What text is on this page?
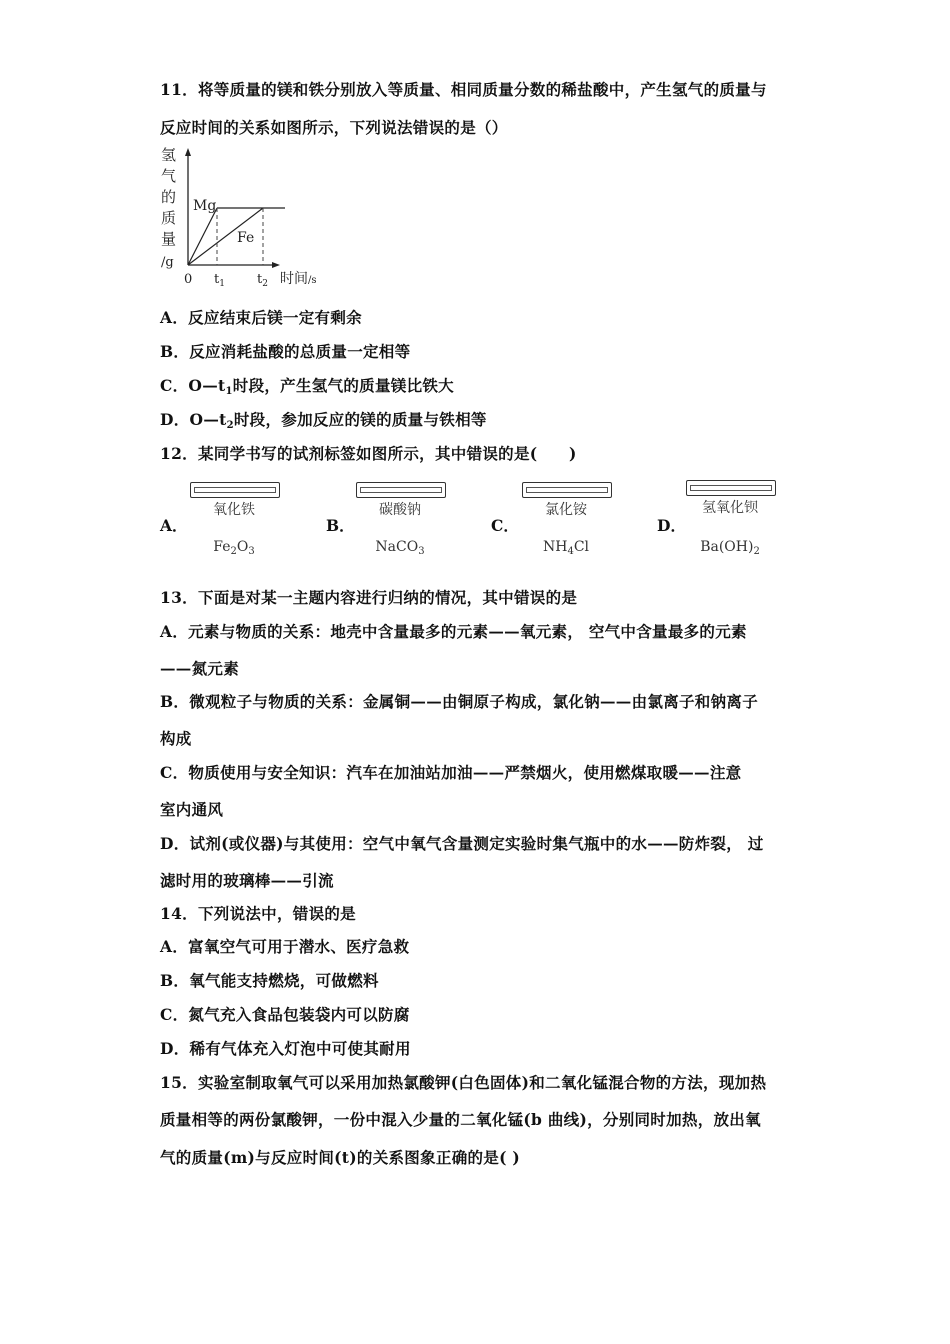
11．将等质量的镁和铁分别放入等质量、相同质量分数的稀盐酸中，产生氢气的质量与
反应时间的关系如图所示，下列说法错误的是（）
氢
气
的
质
量
/g
Mg
Fe
0 $t_1$ $t_2$ 时间/s
A．反应结束后镁一定有剩余
B．反应消耗盐酸的总质量一定相等
C．$O—t_1$时段，产生氢气的质量镁比铁大
D．$O—t_2$时段，参加反应的镁的质量与铁相等
12．某同学书写的试剂标签如图所示，其中错误的是(　　)
A．
氧化铁
$Fe_2O_3$
B．
碳酸钠
NaCO$_3$
C．
氯化铵
$NH_4Cl$
D．
氢氧化钡
$Ba(OH)_2$
13．下面是对某一主题内容进行归纳的情况，其中错误的是
A．元素与物质的关系：地壳中含量最多的元素——氧元素， 空气中含量最多的元素
——氮元素
B．微观粒子与物质的关系：金属铜——由铜原子构成，氯化钠——由氯离子和钠离子
构成
C．物质使用与安全知识：汽车在加油站加油——严禁烟火，使用燃煤取暖——注意
室内通风
D．试剂(或仪器)与其使用：空气中氧气含量测定实验时集气瓶中的水——防炸裂， 过
滤时用的玻璃棒——引流
14．下列说法中，错误的是
A．富氧空气可用于潜水、医疗急救
B．氧气能支持燃烧，可做燃料
C．氮气充入食品包装袋内可以防腐
D．稀有气体充入灯泡中可使其耐用
15．实验室制取氧气可以采用加热氯酸钾(白色固体)和二氧化锰混合物的方法，现加热
质量相等的两份氯酸钾，一份中混入少量的二氧化锰(b 曲线)，分别同时加热，放出氧
气的质量(m)与反应时间(t)的关系图象正确的是( )
